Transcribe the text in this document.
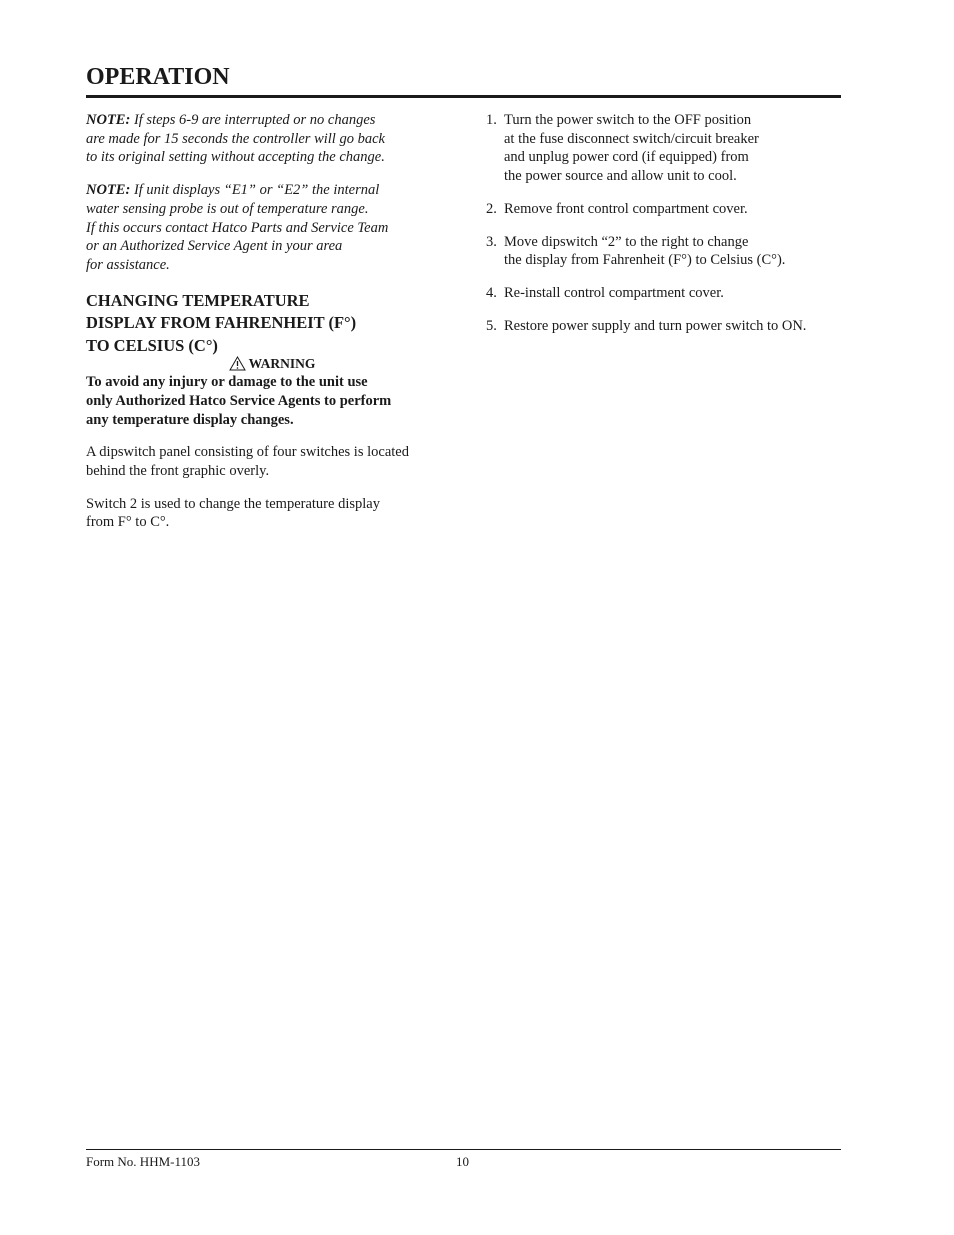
OPERATION

NOTE: If steps 6-9 are interrupted or no changes
are made for 15 seconds the controller will go back
to its original setting without accepting the change.

NOTE: If unit displays “E1” or “E2” the internal
water sensing probe is out of temperature range.
If this occurs contact Hatco Parts and Service Team
or an Authorized Service Agent in your area
for assistance.

CHANGING TEMPERATURE
DISPLAY FROM FAHRENHEIT (F°)
TO CELSIUS (C°)
WARNING

To avoid any injury or damage to the unit use
only Authorized Hatco Service Agents to perform
any temperature display changes.

A dipswitch panel consisting of four switches is located
behind the front graphic overly.

Switch 2 is used to change the temperature display
from F° to C°.

1. Turn the power switch to the OFF position
at the fuse disconnect switch/circuit breaker
and unplug power cord (if equipped) from
the power source and allow unit to cool.
2. Remove front control compartment cover.
3. Move dipswitch “2” to the right to change
the display from Fahrenheit (F°) to Celsius (C°).
4. Re-install control compartment cover.
5. Restore power supply and turn power switch to ON.
Form No. HHM-1103	10
